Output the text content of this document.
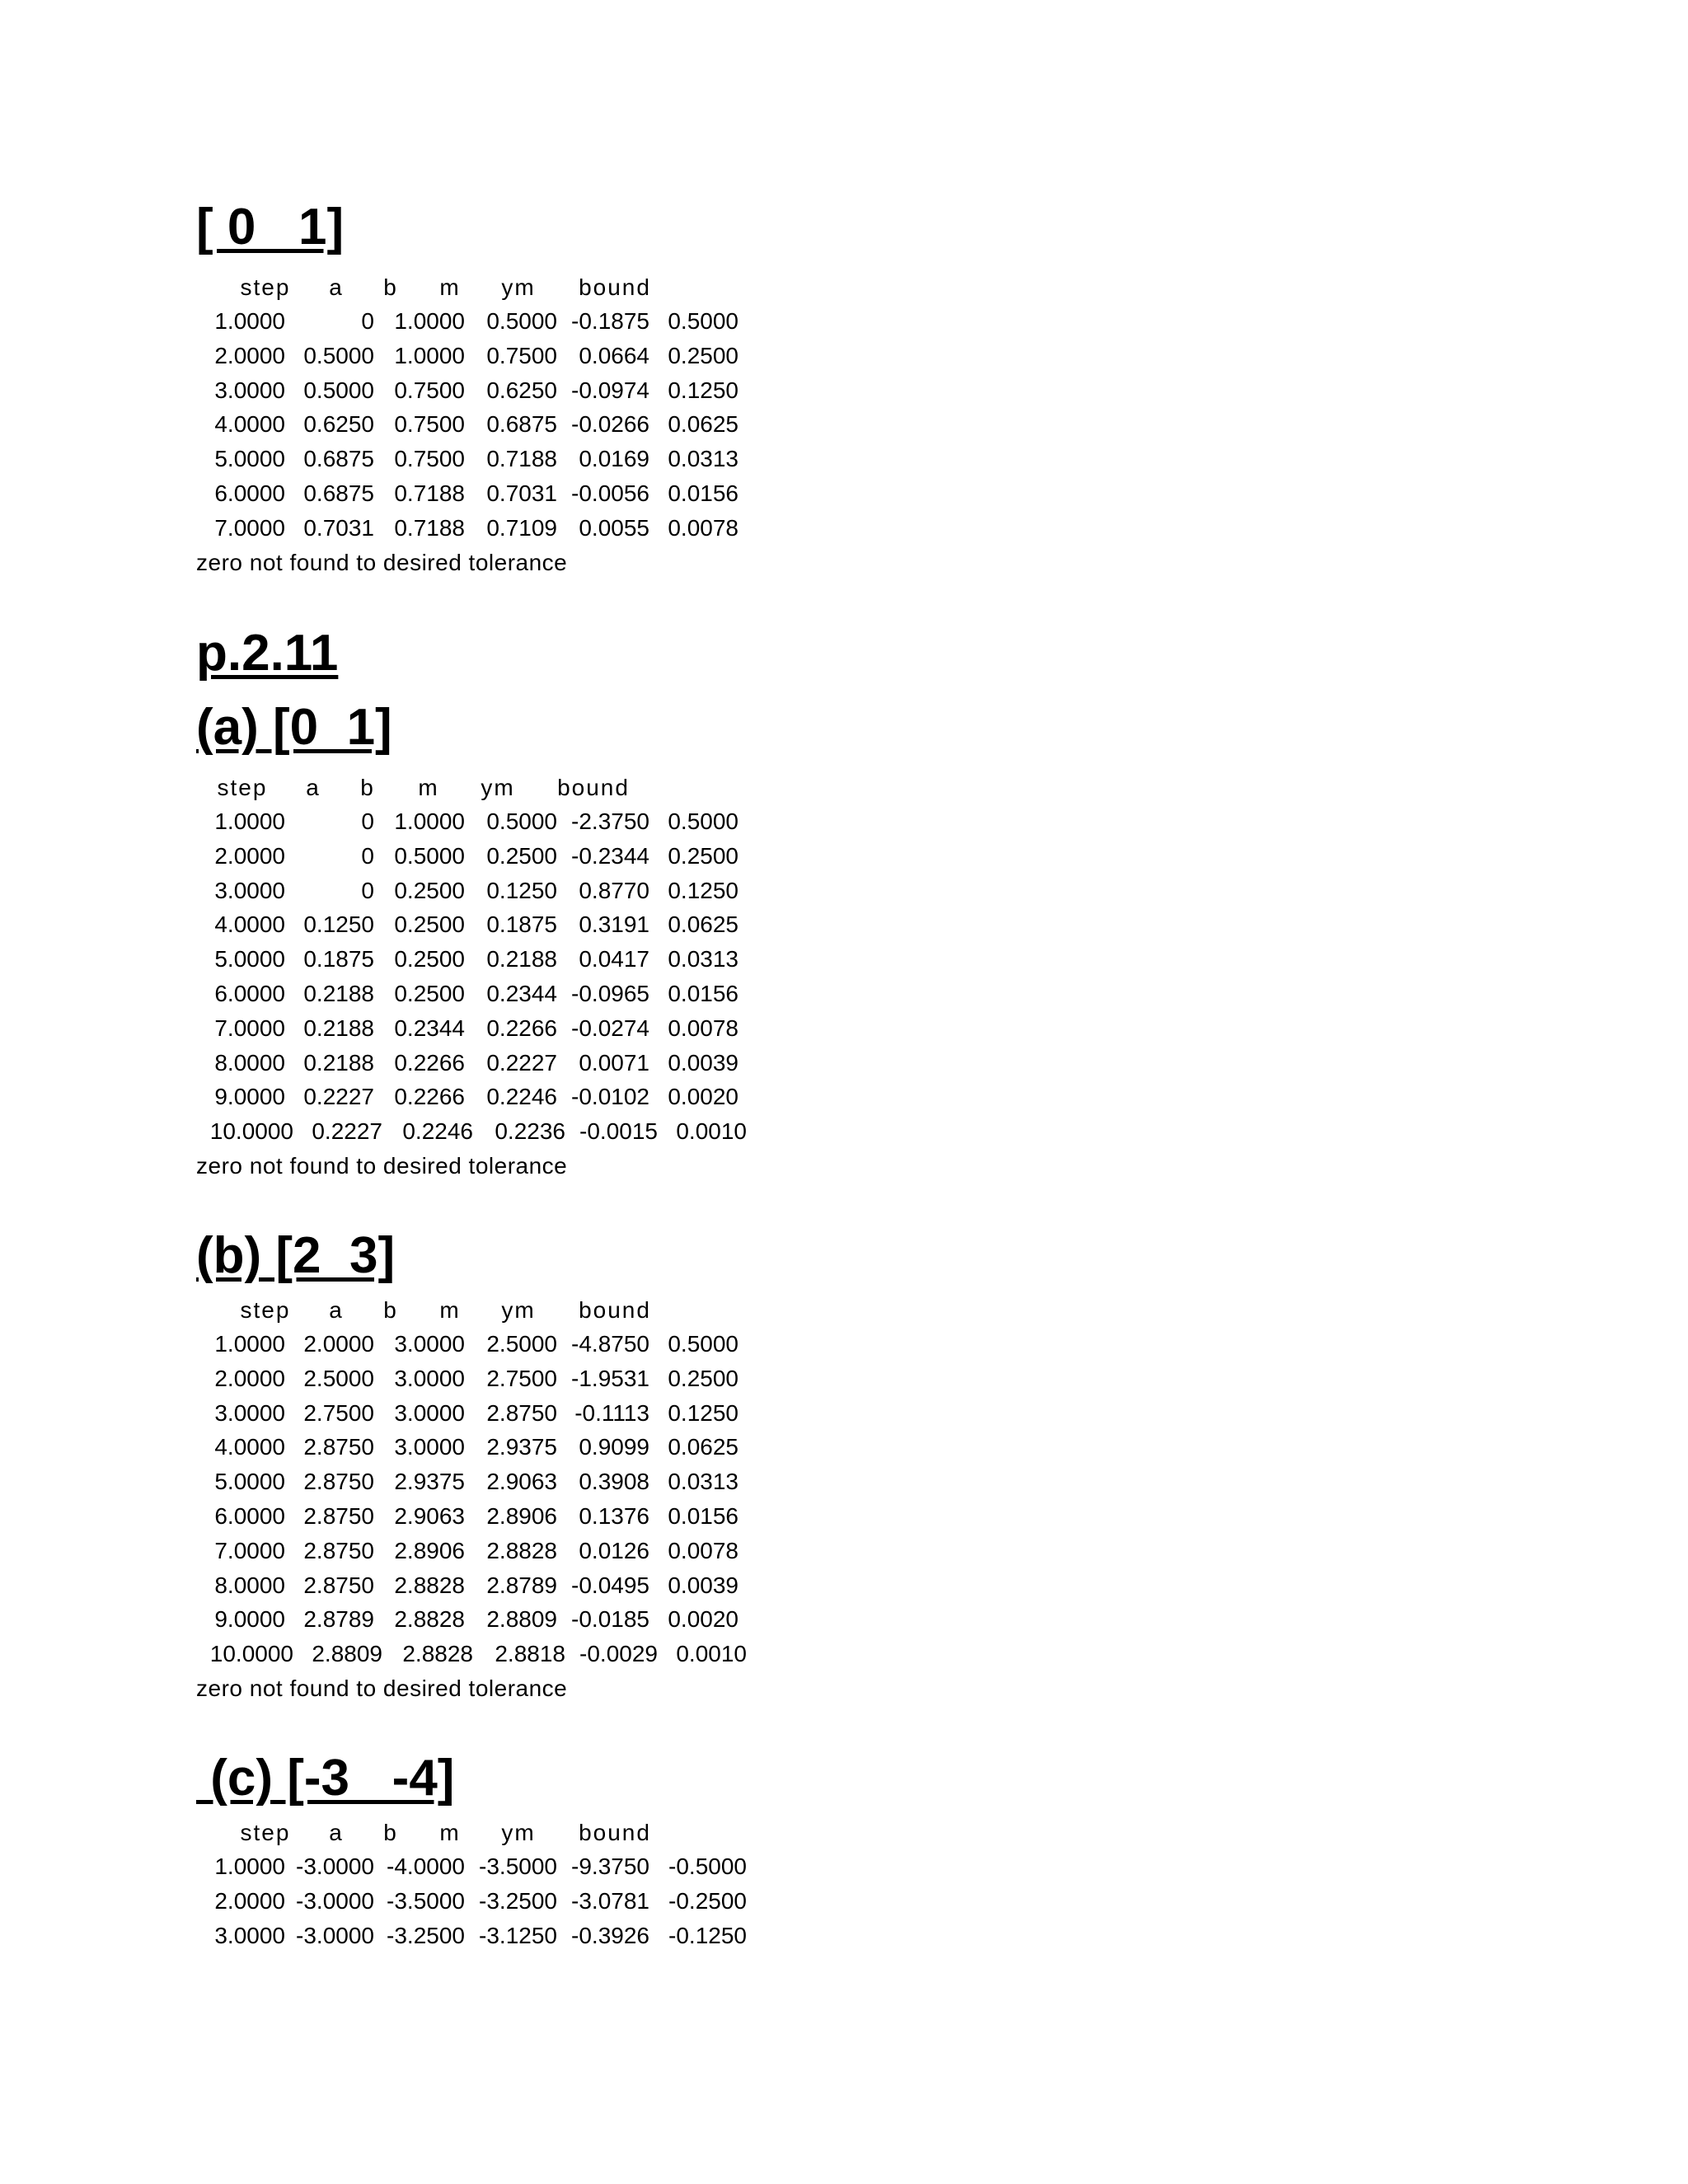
[ 0   1]
step	a	b	m	ym	bound
1.0000	0 1.0000 0.5000 -0.1875 0.5000
2.0000 0.5000 1.0000 0.7500 0.0664 0.2500
3.0000 0.5000 0.7500 0.6250 -0.0974 0.1250
4.0000 0.6250 0.7500 0.6875 -0.0266 0.0625
5.0000 0.6875 0.7500 0.7188 0.0169 0.0313
6.0000 0.6875 0.7188 0.7031 -0.0056 0.0156
7.0000 0.7031 0.7188 0.7109 0.0055 0.0078
zero not found to desired tolerance
p.2.11
(a) [0  1]
step	a	b	m	ym	bound
1.0000	0 1.0000 0.5000 -2.3750 0.5000
2.0000	0 0.5000 0.2500 -0.2344 0.2500
3.0000	0 0.2500 0.1250 0.8770 0.1250
4.0000 0.1250 0.2500 0.1875 0.3191 0.0625
5.0000 0.1875 0.2500 0.2188 0.0417 0.0313
6.0000 0.2188 0.2500 0.2344 -0.0965 0.0156
7.0000 0.2188 0.2344 0.2266 -0.0274 0.0078
8.0000 0.2188 0.2266 0.2227 0.0071 0.0039
9.0000 0.2227 0.2266 0.2246 -0.0102 0.0020
10.0000 0.2227 0.2246 0.2236 -0.0015 0.0010
zero not found to desired tolerance
(b) [2  3]
step	a	b	m	ym	bound
1.0000 2.0000 3.0000 2.5000 -4.8750 0.5000
2.0000 2.5000 3.0000 2.7500 -1.9531 0.2500
3.0000 2.7500 3.0000 2.8750 -0.1113 0.1250
4.0000 2.8750 3.0000 2.9375 0.9099 0.0625
5.0000 2.8750 2.9375 2.9063 0.3908 0.0313
6.0000 2.8750 2.9063 2.8906 0.1376 0.0156
7.0000 2.8750 2.8906 2.8828 0.0126 0.0078
8.0000 2.8750 2.8828 2.8789 -0.0495 0.0039
9.0000 2.8789 2.8828 2.8809 -0.0185 0.0020
10.0000 2.8809 2.8828 2.8818 -0.0029 0.0010
zero not found to desired tolerance
(c) [-3   -4]
step	a	b	m	ym	bound
1.0000 -3.0000 -4.0000 -3.5000 -9.3750 -0.5000
2.0000 -3.0000 -3.5000 -3.2500 -3.0781 -0.2500
3.0000 -3.0000 -3.2500 -3.1250 -0.3926 -0.1250
